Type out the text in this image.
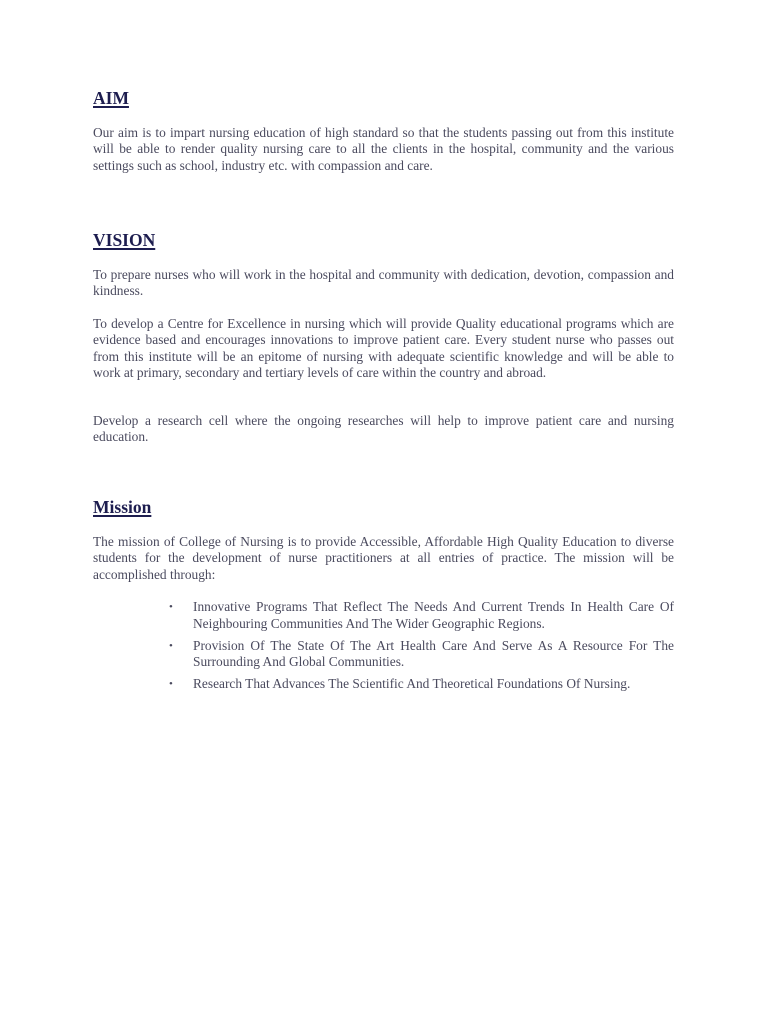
AIM

Our aim is to impart nursing education of high standard so that the students passing out from this institute will be able to render quality nursing care to all the clients in the hospital, community and the various settings such as school, industry etc. with compassion and care.

VISION

To prepare nurses who will work in the hospital and community with dedication, devotion, compassion and kindness.

To develop a Centre for Excellence in nursing which will provide Quality educational programs which are evidence based and encourages innovations to improve patient care. Every student nurse who passes out from this institute will be an epitome of nursing with adequate scientific knowledge and will be able to work at primary, secondary and tertiary levels of care within the country and abroad.

Develop a research cell where the ongoing researches will help to improve patient care and nursing education.

Mission

The mission of College of Nursing is to provide Accessible, Affordable High Quality Education to diverse students for the development of nurse practitioners at all entries of practice. The mission will be accomplished through:

• Innovative Programs That Reflect The Needs And Current Trends In Health Care Of Neighbouring Communities And The Wider Geographic Regions.
• Provision Of The State Of The Art Health Care And Serve As A Resource For The Surrounding And Global Communities.
• Research That Advances The Scientific And Theoretical Foundations Of Nursing.
